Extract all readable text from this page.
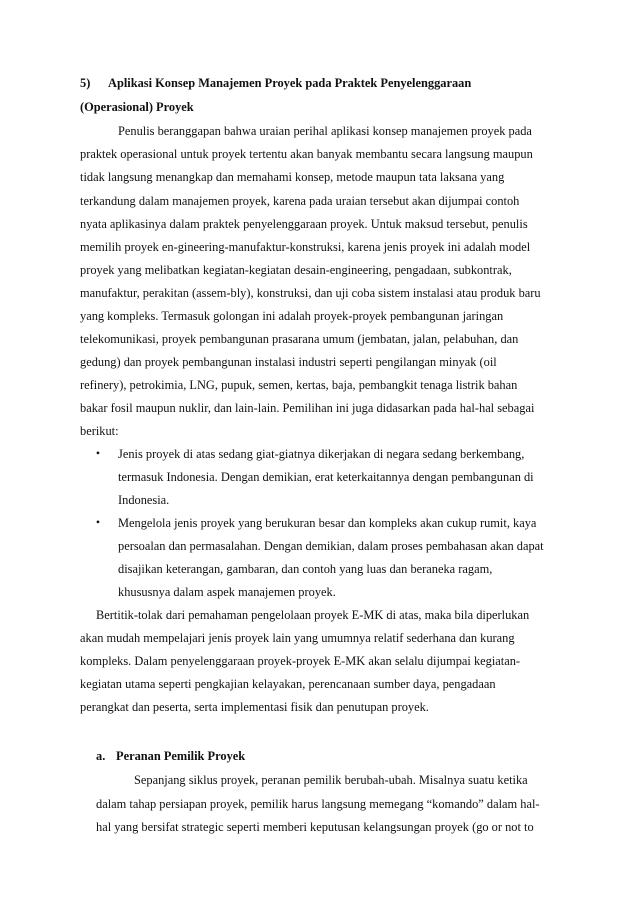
5) Aplikasi Konsep Manajemen Proyek pada Praktek Penyelenggaraan
(Operasional) Proyek
Penulis beranggapan bahwa uraian perihal aplikasi konsep manajemen proyek pada
praktek operasional untuk proyek tertentu akan banyak membantu secara langsung maupun
tidak langsung menangkap dan memahami konsep, metode maupun tata laksana yang
terkandung dalam manajemen proyek, karena pada uraian tersebut akan dijumpai contoh
nyata aplikasinya dalam praktek penyelenggaraan proyek. Untuk maksud tersebut, penulis
memilih proyek en-gineering-manufaktur-konstruksi, karena jenis proyek ini adalah model
proyek yang melibatkan kegiatan-kegiatan desain-engineering, pengadaan, subkontrak,
manufaktur, perakitan (assem-bly), konstruksi, dan uji coba sistem instalasi atau produk baru
yang kompleks. Termasuk golongan ini adalah proyek-proyek pembangunan jaringan
telekomunikasi, proyek pembangunan prasarana umum (jembatan, jalan, pelabuhan, dan
gedung) dan proyek pembangunan instalasi industri seperti pengilangan minyak (oil
refinery), petrokimia, LNG, pupuk, semen, kertas, baja, pembangkit tenaga listrik bahan
bakar fosil maupun nuklir, dan lain-lain. Pemilihan ini juga didasarkan pada hal-hal sebagai
berikut:
• Jenis proyek di atas sedang giat-giatnya dikerjakan di negara sedang berkembang,
termasuk Indonesia. Dengan demikian, erat keterkaitannya dengan pembangunan di
Indonesia.
• Mengelola jenis proyek yang berukuran besar dan kompleks akan cukup rumit, kaya
persoalan dan permasalahan. Dengan demikian, dalam proses pembahasan akan dapat
disajikan keterangan, gambaran, dan contoh yang luas dan beraneka ragam,
khususnya dalam aspek manajemen proyek.
Bertitik-tolak dari pemahaman pengelolaan proyek E-MK di atas, maka bila diperlukan
akan mudah mempelajari jenis proyek lain yang umumnya relatif sederhana dan kurang
kompleks. Dalam penyelenggaraan proyek-proyek E-MK akan selalu dijumpai kegiatan-
kegiatan utama seperti pengkajian kelayakan, perencanaan sumber daya, pengadaan
perangkat dan peserta, serta implementasi fisik dan penutupan proyek.
a. Peranan Pemilik Proyek
Sepanjang siklus proyek, peranan pemilik berubah-ubah. Misalnya suatu ketika
dalam tahap persiapan proyek, pemilik harus langsung memegang “komando” dalam hal-
hal yang bersifat strategic seperti memberi keputusan kelangsungan proyek (go or not to
